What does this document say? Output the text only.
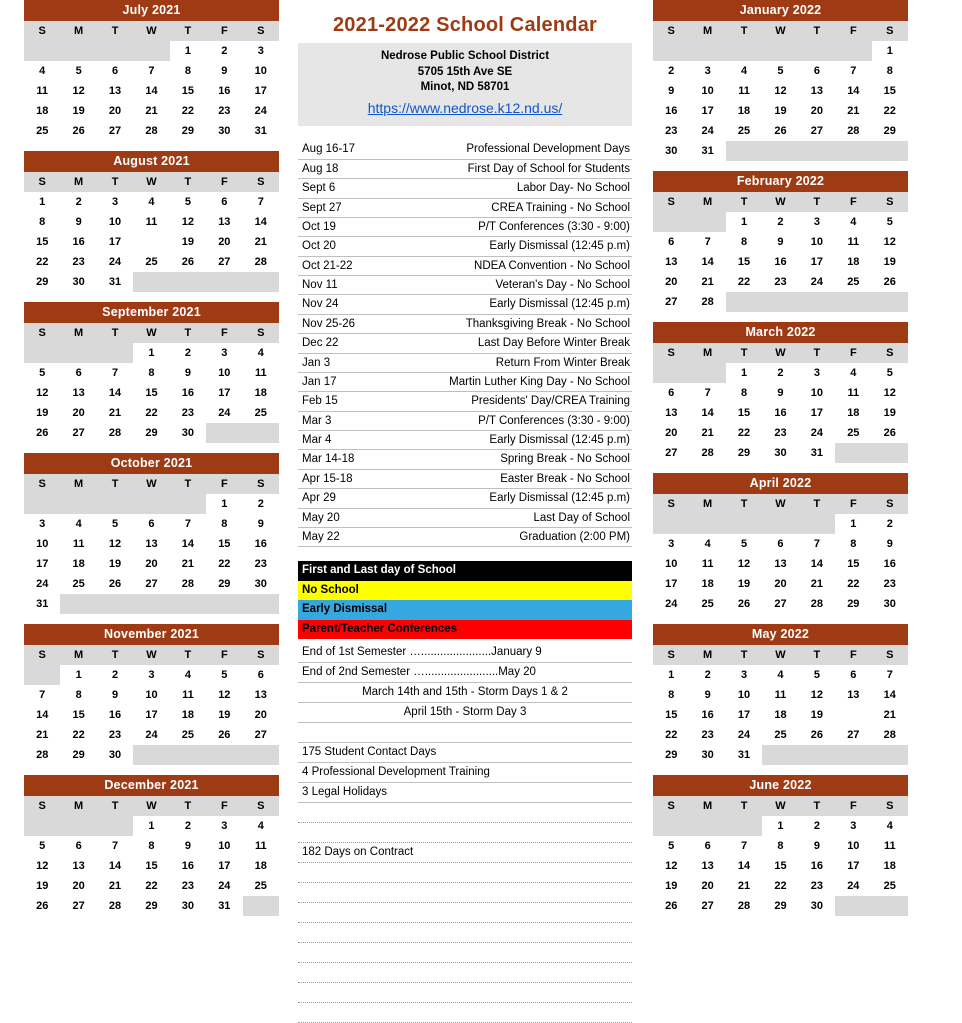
July 2021
S	M	T	W	T	F	S
				1	2	3
4	5	6	7	8	9	10
11	12	13	14	15	16	17
18	19	20	21	22	23	24
25	26	27	28	29	30	31
August 2021
S	M	T	W	T	F	S
1	2	3	4	5	6	7
8	9	10	11	12	13	14
15	16	17	18	19	20	21
22	23	24	25	26	27	28
29	30	31				
September 2021
S	M	T	W	T	F	S
			1	2	3	4
5	6	7	8	9	10	11
12	13	14	15	16	17	18
19	20	21	22	23	24	25
26	27	28	29	30		
October 2021
S	M	T	W	T	F	S
					1	2
3	4	5	6	7	8	9
10	11	12	13	14	15	16
17	18	19	20	21	22	23
24	25	26	27	28	29	30
31						
November 2021
S	M	T	W	T	F	S
	1	2	3	4	5	6
7	8	9	10	11	12	13
14	15	16	17	18	19	20
21	22	23	24	25	26	27
28	29	30				
December 2021
S	M	T	W	T	F	S
			1	2	3	4
5	6	7	8	9	10	11
12	13	14	15	16	17	18
19	20	21	22	23	24	25
26	27	28	29	30	31	
2021-2022 School Calendar
Nedrose Public School District
5705 15th Ave SE
Minot, ND 58701
https://www.nedrose.k12.nd.us/
Aug 16-17	Professional Development Days
Aug 18	First Day of School for Students
Sept 6	Labor Day- No School
Sept 27	CREA Training - No School
Oct 19	P/T Conferences (3:30 - 9:00)
Oct 20	Early Dismissal (12:45 p.m)
Oct 21-22	NDEA Convention - No School
Nov 11	Veteran's Day - No School
Nov 24	Early Dismissal (12:45 p.m)
Nov 25-26	Thanksgiving Break - No School
Dec 22	Last Day Before Winter Break
Jan 3	Return From Winter Break
Jan 17	Martin Luther King Day - No School
Feb 15	Presidents' Day/CREA Training
Mar 3	P/T Conferences (3:30 - 9:00)
Mar 4	Early Dismissal (12:45 p.m)
Mar 14-18	Spring Break - No School
Apr 15-18	Easter Break - No School
Apr 29	Early Dismissal (12:45 p.m)
May 20	Last Day of School
May 22	Graduation (2:00 PM)
First and Last day of School
No School
Early Dismissal
Parent/Teacher Conferences
End of 1st Semester …......................January 9
End of 2nd Semester ….......................May 20
March 14th and 15th - Storm Days 1 & 2
April 15th - Storm Day 3

175 Student Contact Days
4 Professional Development Training
3 Legal Holidays

182 Days on Contract

January 2022
S	M	T	W	T	F	S
						1
2	3	4	5	6	7	8
9	10	11	12	13	14	15
16	17	18	19	20	21	22
23	24	25	26	27	28	29
30	31					
February 2022
S	M	T	W	T	F	S
		1	2	3	4	5
6	7	8	9	10	11	12
13	14	15	16	17	18	19
20	21	22	23	24	25	26
27	28					
March 2022
S	M	T	W	T	F	S
		1	2	3	4	5
6	7	8	9	10	11	12
13	14	15	16	17	18	19
20	21	22	23	24	25	26
27	28	29	30	31		
April 2022
S	M	T	W	T	F	S
					1	2
3	4	5	6	7	8	9
10	11	12	13	14	15	16
17	18	19	20	21	22	23
24	25	26	27	28	29	30
May 2022
S	M	T	W	T	F	S
1	2	3	4	5	6	7
8	9	10	11	12	13	14
15	16	17	18	19	20	21
22	23	24	25	26	27	28
29	30	31				
June 2022
S	M	T	W	T	F	S
			1	2	3	4
5	6	7	8	9	10	11
12	13	14	15	16	17	18
19	20	21	22	23	24	25
26	27	28	29	30		
